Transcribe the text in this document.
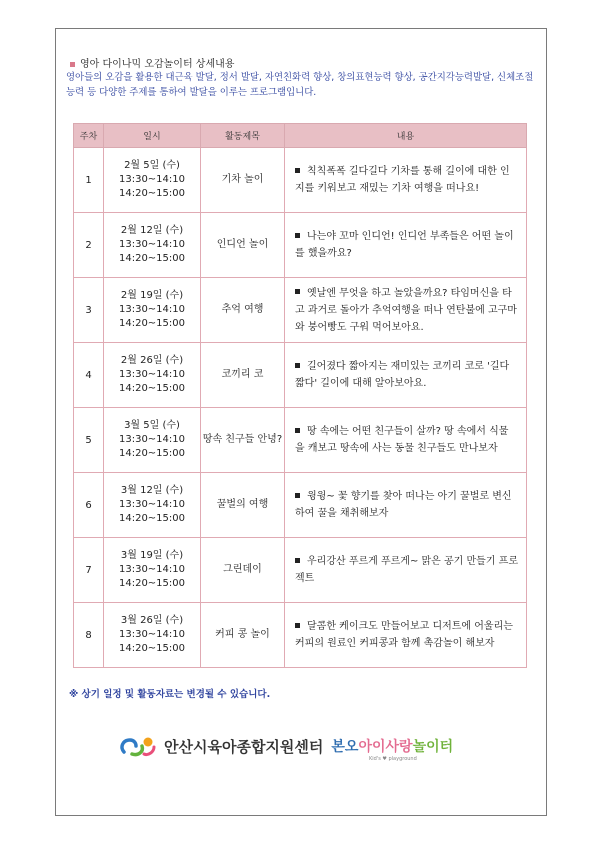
영아 다이나믹 오감놀이터 상세내용
영아들의 오감을 활용한 대근육 발달, 정서 발달, 자연친화력 향상, 창의표현능력 향상, 공간지각능력발달, 신체조절능력 등 다양한 주제를 통하여 발달을 이루는 프로그램입니다.
주차	일시	활동제목	내용
1	2월 5일 (수)
13:30~14:10
14:20~15:00	기차 놀이	칙칙폭폭 길다길다 기차를 통해 길이에 대한 인지를 키워보고 재밌는 기차 여행을 떠나요!
2	2월 12일 (수)
13:30~14:10
14:20~15:00	인디언 놀이	나는야 꼬마 인디언! 인디언 부족들은 어떤 놀이를 했을까요?
3	2월 19일 (수)
13:30~14:10
14:20~15:00	추억 여행	옛날엔 무엇을 하고 놀았을까요? 타임머신을 타고 과거로 돌아가 추억여행을 떠나 연탄불에 고구마와 붕어빵도 구워 먹어보아요.
4	2월 26일 (수)
13:30~14:10
14:20~15:00	코끼리 코	길어졌다 짧아지는 재미있는 코끼리 코로 '길다 짧다' 길이에 대해 알아보아요.
5	3월 5일 (수)
13:30~14:10
14:20~15:00	땅속 친구들 안녕?	땅 속에는 어떤 친구들이 살까? 땅 속에서 식물을 캐보고 땅속에 사는 동물 친구들도 만나보자
6	3월 12일 (수)
13:30~14:10
14:20~15:00	꿀벌의 여행	윙윙~ 꽃 향기를 찾아 떠나는 아기 꿀벌로 변신하여 꿀을 채취해보자
7	3월 19일 (수)
13:30~14:10
14:20~15:00	그린데이	우리강산 푸르게 푸르게~ 맑은 공기 만들기 프로젝트
8	3월 26일 (수)
13:30~14:10
14:20~15:00	커피 콩 놀이	달콤한 케이크도 만들어보고 디저트에 어울리는 커피의 원료인 커피콩과 함께 촉감놀이 해보자
※ 상기 일정 및 활동자료는 변경될 수 있습니다.
안산시육아종합지원센터 본오아이사랑놀이터
Kid's ♥ playground
